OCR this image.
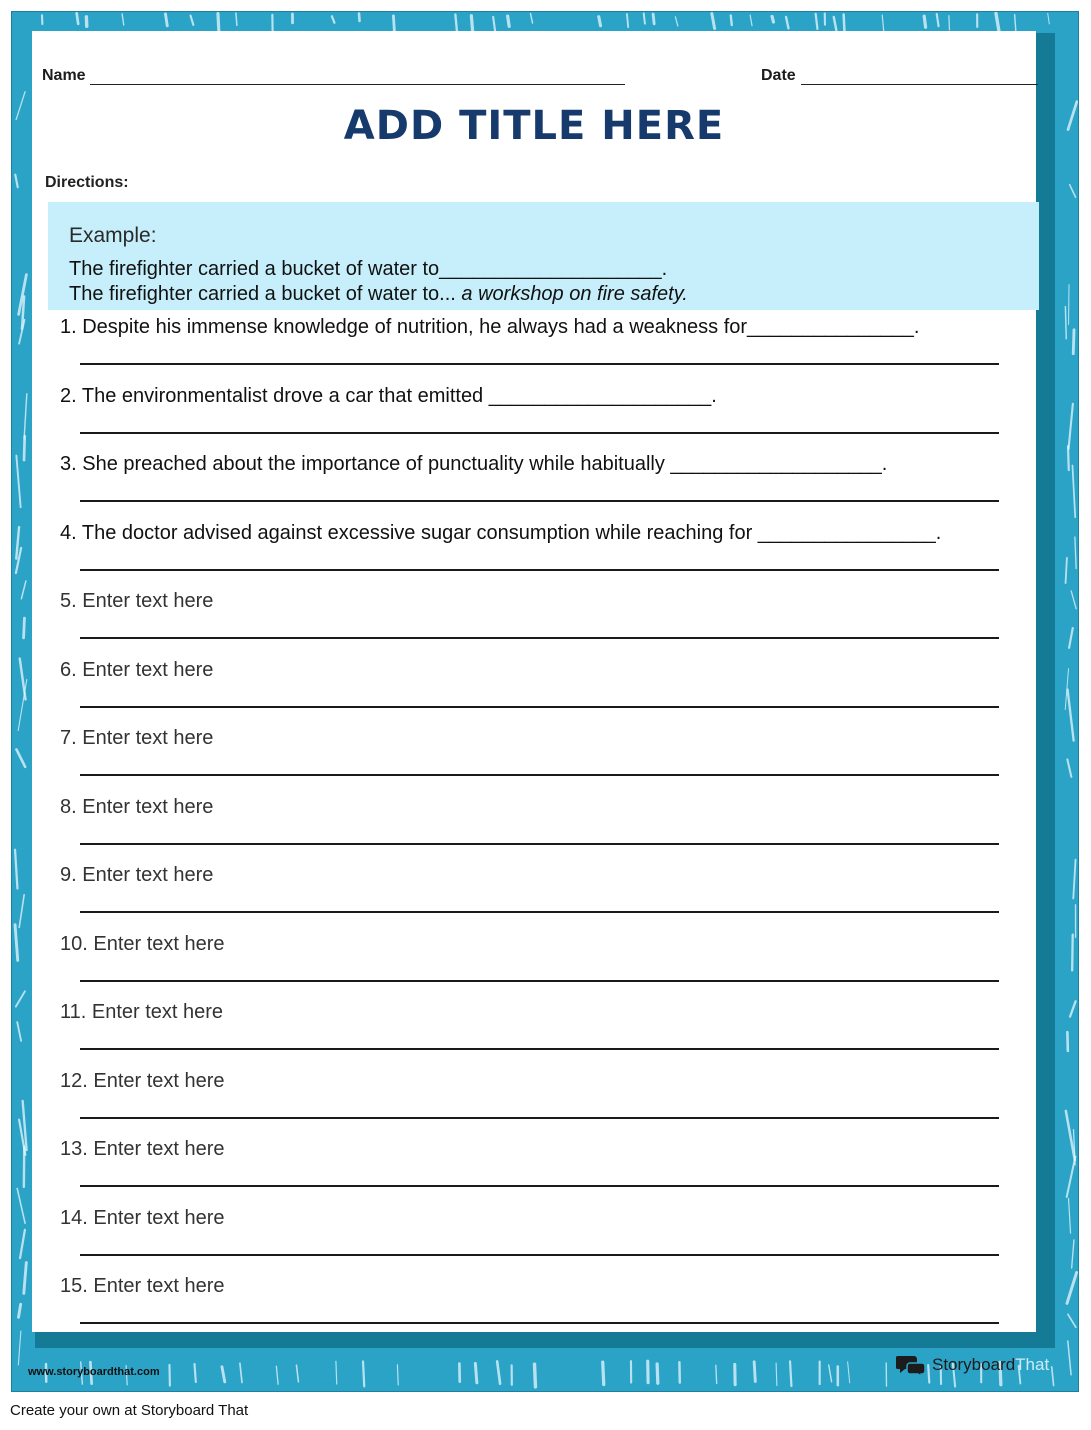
Name	Date
ADD TITLE HERE
Directions:
Example:
The firefighter carried a bucket of water to____________________.
The firefighter carried a bucket of water to... a workshop on fire safety.
1. Despite his immense knowledge of nutrition, he always had a weakness for_______________.
2. The environmentalist drove a car that emitted ____________________.
3. She preached about the importance of punctuality while habitually ___________________.
4. The doctor advised against excessive sugar consumption while reaching for ________________.
5. Enter text here
6. Enter text here
7. Enter text here
8. Enter text here
9. Enter text here
10. Enter text here
11. Enter text here
12. Enter text here
13. Enter text here
14. Enter text here
15. Enter text here
www.storyboardthat.com	StoryboardThat
Create your own at Storyboard That
